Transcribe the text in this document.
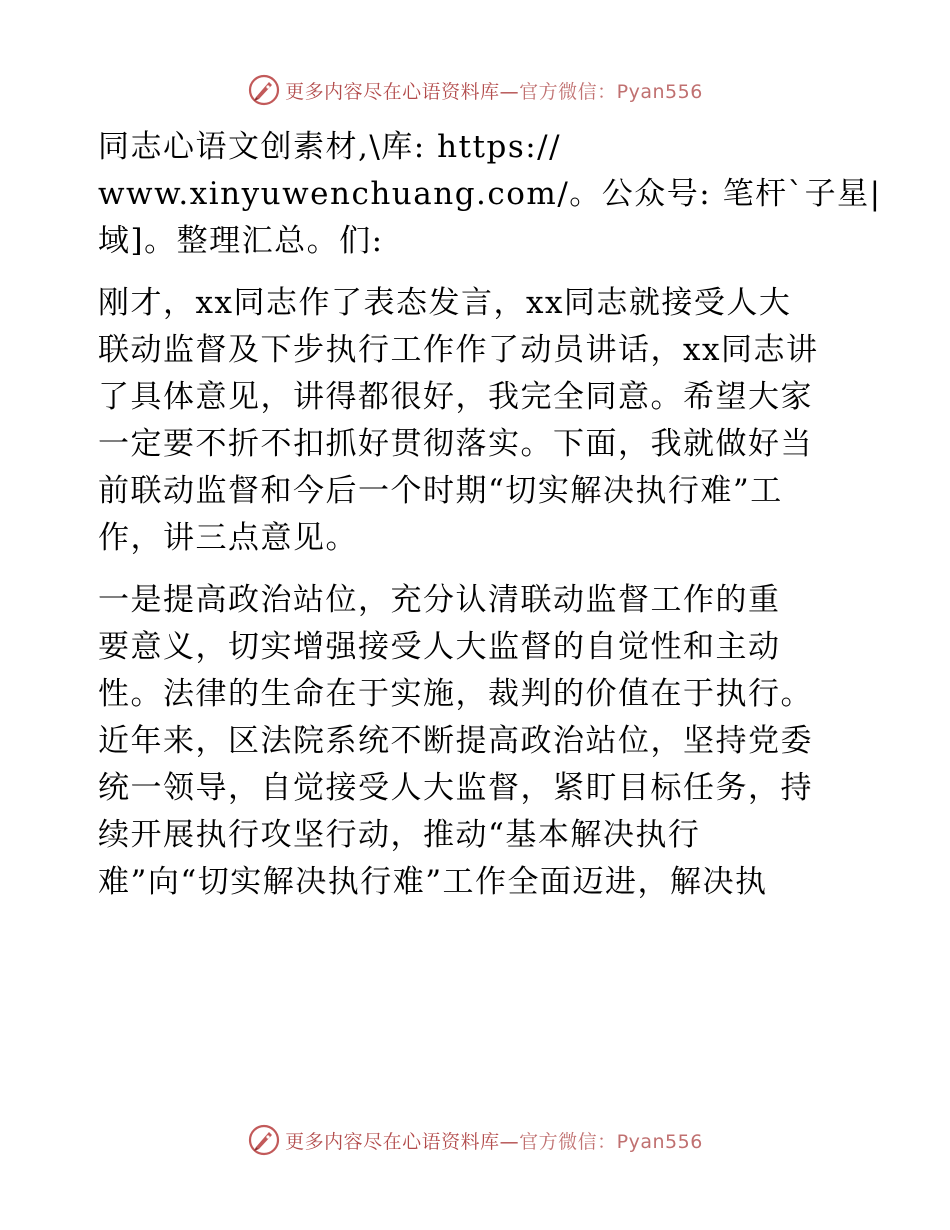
更多内容尽在心语资料库—官方微信：Pyan556

同志心语文创素材,\库: https://
www.xinyuwenchuang.com/。公众号: 笔杆`子星|
域]。整理汇总。们:

刚才，xx同志作了表态发言，xx同志就接受人大
联动监督及下步执行工作作了动员讲话，xx同志讲
了具体意见，讲得都很好，我完全同意。希望大家
一定要不折不扣抓好贯彻落实。下面，我就做好当
前联动监督和今后一个时期“切实解决执行难”工
作，讲三点意见。

一是提高政治站位，充分认清联动监督工作的重
要意义，切实增强接受人大监督的自觉性和主动
性。法律的生命在于实施，裁判的价值在于执行。
近年来，区法院系统不断提高政治站位，坚持党委
统一领导，自觉接受人大监督，紧盯目标任务，持
续开展执行攻坚行动，推动“基本解决执行
难”向“切实解决执行难”工作全面迈进，解决执

更多内容尽在心语资料库—官方微信：Pyan556
